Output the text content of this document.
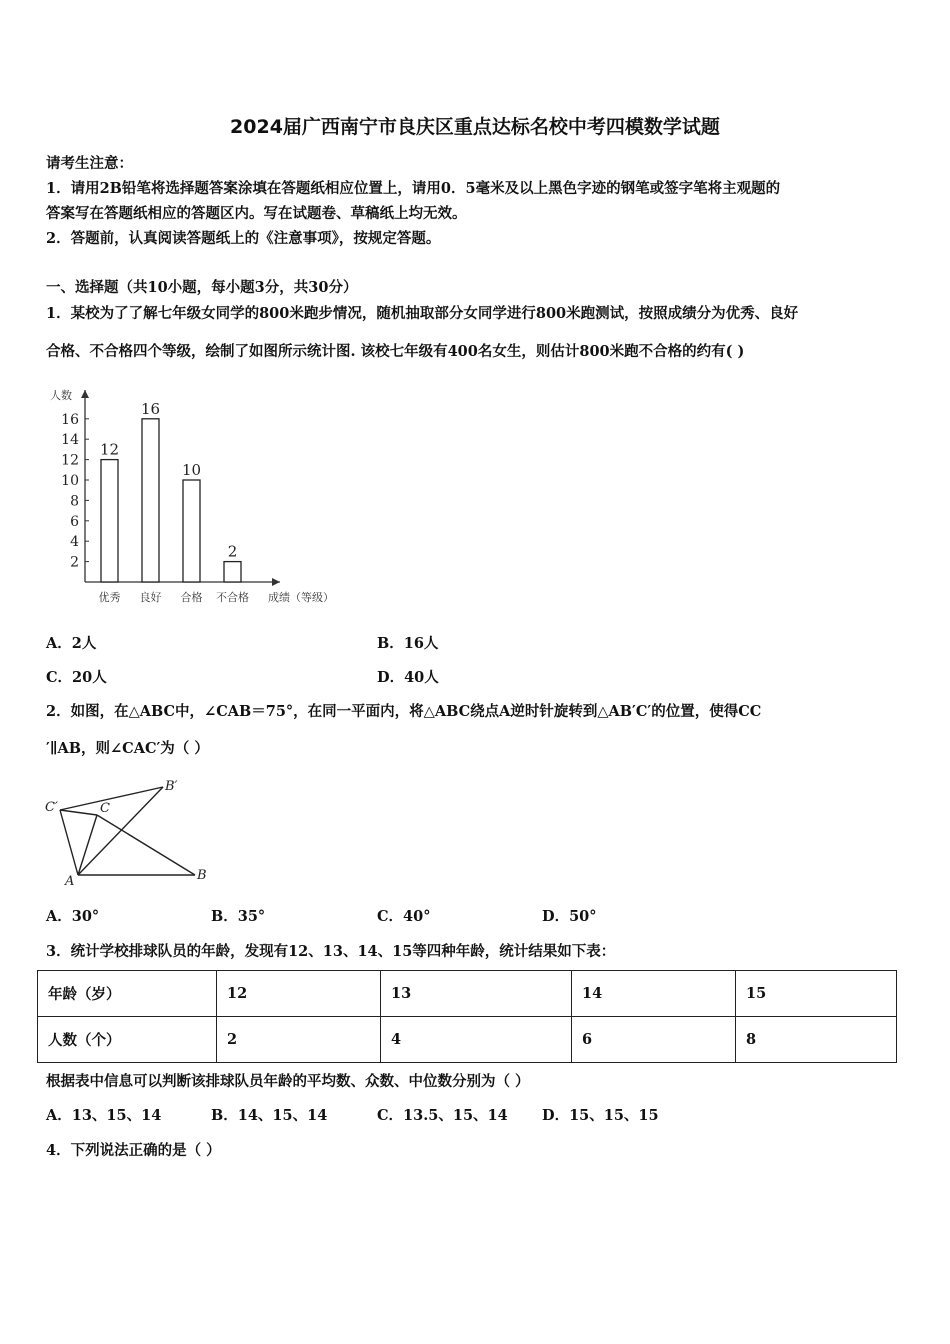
2024届广西南宁市良庆区重点达标名校中考四模数学试题
请考生注意：
1．请用2B铅笔将选择题答案涂填在答题纸相应位置上，请用0．5毫米及以上黑色字迹的钢笔或签字笔将主观题的
答案写在答题纸相应的答题区内。写在试题卷、草稿纸上均无效。
2．答题前，认真阅读答题纸上的《注意事项》，按规定答题。
一、选择题（共10小题，每小题3分，共30分）
1．某校为了了解七年级女同学的800米跑步情况，随机抽取部分女同学进行800米跑测试，按照成绩分为优秀、良好
合格、不合格四个等级，绘制了如图所示统计图. 该校七年级有400名女生，则估计800米跑不合格的约有( )
人数
成绩（等级）
2
4
6
8
10
12
14
16
12
优秀
16
良好
10
合格
2
不合格
A．2人	B．16人
C．20人	D．40人
2．如图，在△ABC中，∠CAB＝75°，在同一平面内，将△ABC绕点A逆时针旋转到△AB′C′的位置，使得CC
′∥AB，则∠CAC′为（ ）
C′	C
B′
A	B
A．30°	B．35°	C．40°	D．50°
3．统计学校排球队员的年龄，发现有12、13、14、15等四种年龄，统计结果如下表：
年龄（岁）	12	13	14	15
人数（个）	2	4	6	8
根据表中信息可以判断该排球队员年龄的平均数、众数、中位数分别为（ ）
A．13、15、14	B．14、15、14	C．13.5、15、14 D．15、15、15
4．下列说法正确的是（ ）
